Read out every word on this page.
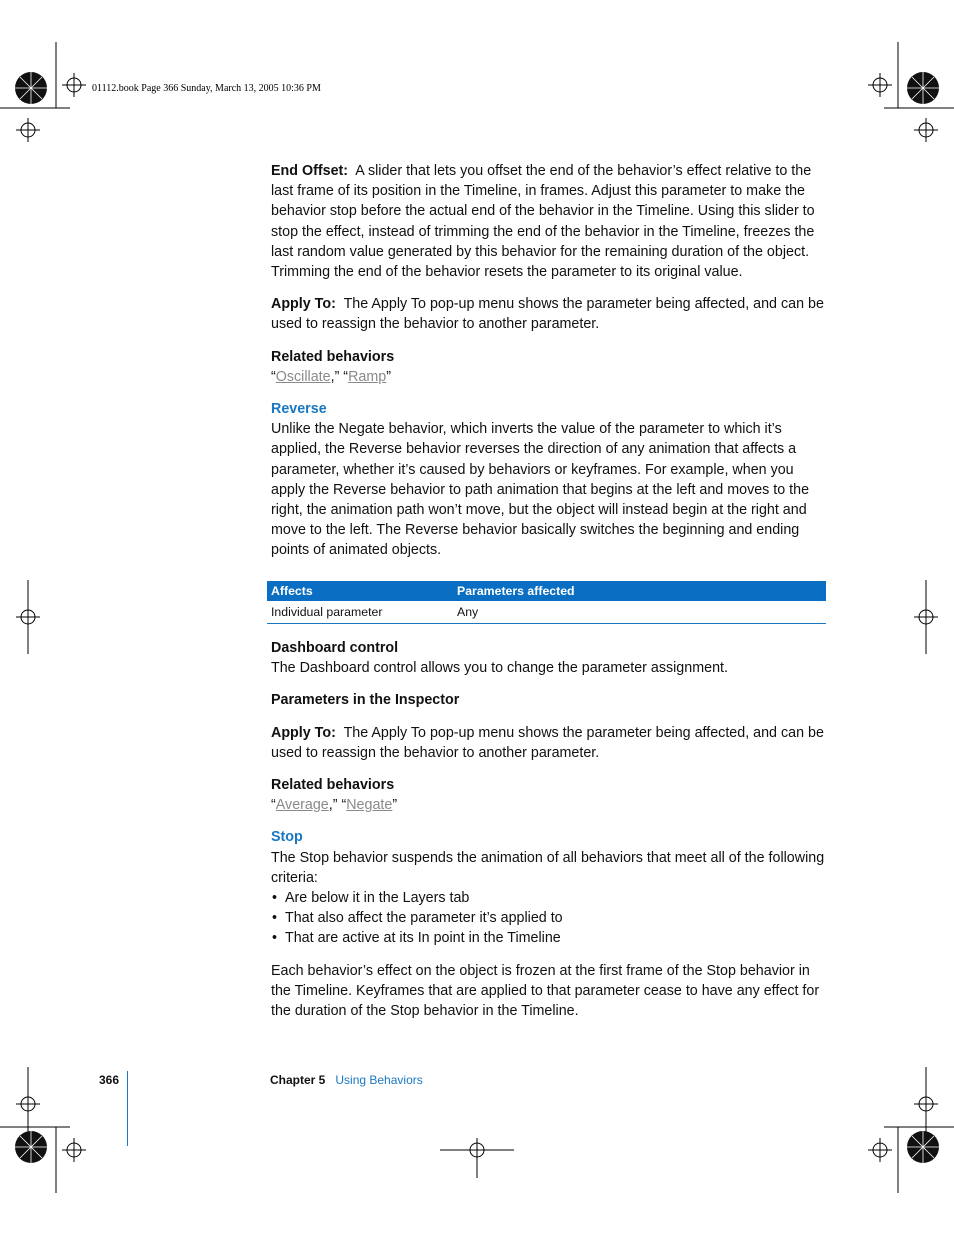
01112.book Page 366 Sunday, March 13, 2005 10:36 PM

End Offset: A slider that lets you offset the end of the behavior’s effect relative to the last frame of its position in the Timeline, in frames. Adjust this parameter to make the behavior stop before the actual end of the behavior in the Timeline. Using this slider to stop the effect, instead of trimming the end of the behavior in the Timeline, freezes the last random value generated by this behavior for the remaining duration of the object. Trimming the end of the behavior resets the parameter to its original value.

Apply To: The Apply To pop-up menu shows the parameter being affected, and can be used to reassign the behavior to another parameter.

Related behaviors

“Oscillate,” “Ramp”

Reverse

Unlike the Negate behavior, which inverts the value of the parameter to which it’s applied, the Reverse behavior reverses the direction of any animation that affects a parameter, whether it’s caused by behaviors or keyframes. For example, when you apply the Reverse behavior to path animation that begins at the left and moves to the right, the animation path won’t move, but the object will instead begin at the right and move to the left. The Reverse behavior basically switches the beginning and ending points of animated objects.

Affects	Parameters affected
Individual parameter	Any

Dashboard control

The Dashboard control allows you to change the parameter assignment.

Parameters in the Inspector

Apply To: The Apply To pop-up menu shows the parameter being affected, and can be used to reassign the behavior to another parameter.

Related behaviors

“Average,” “Negate”

Stop

The Stop behavior suspends the animation of all behaviors that meet all of the following criteria:

• Are below it in the Layers tab
• That also affect the parameter it’s applied to
• That are active at its In point in the Timeline

Each behavior’s effect on the object is frozen at the first frame of the Stop behavior in the Timeline. Keyframes that are applied to that parameter cease to have any effect for the duration of the Stop behavior in the Timeline.

366	Chapter 5 Using Behaviors
